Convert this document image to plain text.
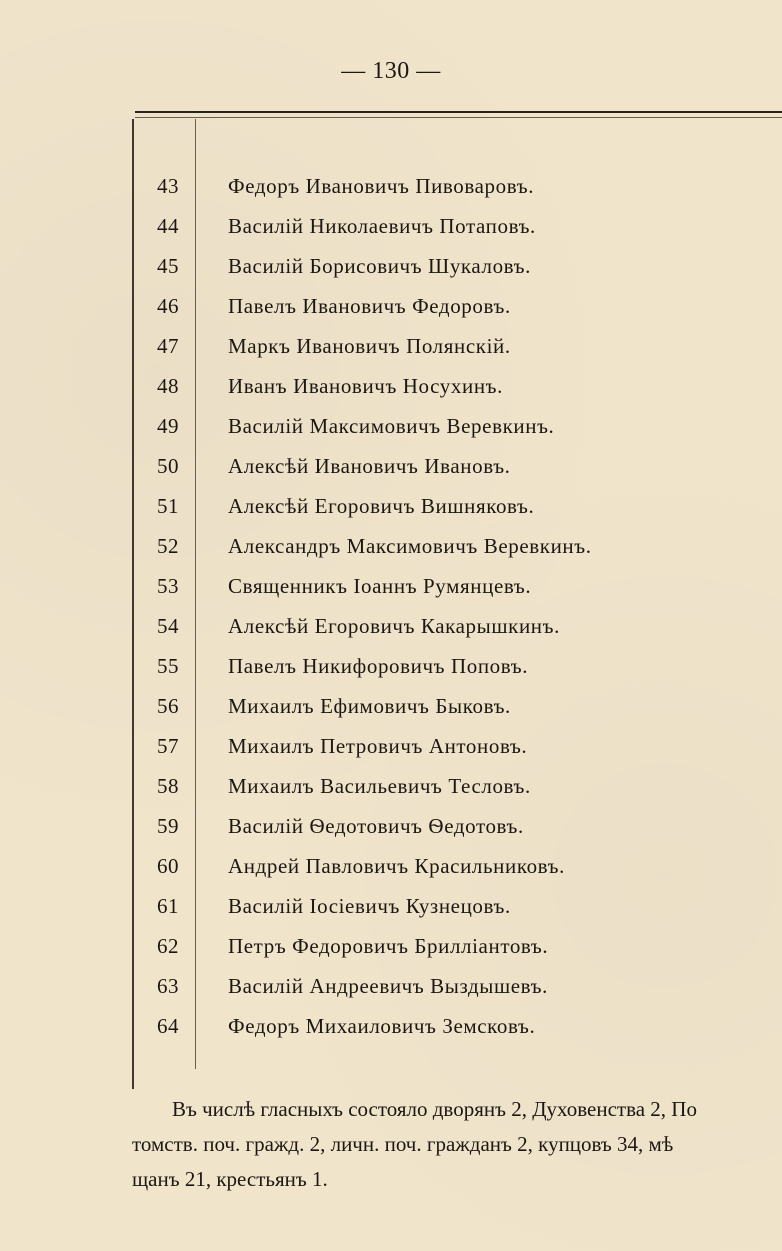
— 130 —
43	Федоръ Ивановичъ Пивоваровъ.
44	Василій Николаевичъ Потаповъ.
45	Василій Борисовичъ Шукаловъ.
46	Павелъ Ивановичъ Федоровъ.
47	Маркъ Ивановичъ Полянскій.
48	Иванъ Ивановичъ Носухинъ.
49	Василій Максимовичъ Веревкинъ.
50	Алексѣй Ивановичъ Ивановъ.
51	Алексѣй Егоровичъ Вишняковъ.
52	Александръ Максимовичъ Веревкинъ.
53	Священникъ Іоаннъ Румянцевъ.
54	Алексѣй Егоровичъ Какарышкинъ.
55	Павелъ Никифоровичъ Поповъ.
56	Михаилъ Ефимовичъ Быковъ.
57	Михаилъ Петровичъ Антоновъ.
58	Михаилъ Васильевичъ Тесловъ.
59	Василій Ѳедотовичъ Ѳедотовъ.
60	Андрей Павловичъ Красильниковъ.
61	Василій Іосіевичъ Кузнецовъ.
62	Петръ Федоровичъ Брилліантовъ.
63	Василій Андреевичъ Выздышевъ.
64	Федоръ Михаиловичъ Земсковъ.
Въ числѣ гласныхъ состояло дворянъ 2, Духовенства 2, По
томств. поч. гражд. 2, личн. поч. гражданъ 2, купцовъ 34, мѣ
щанъ 21, крестьянъ 1.
